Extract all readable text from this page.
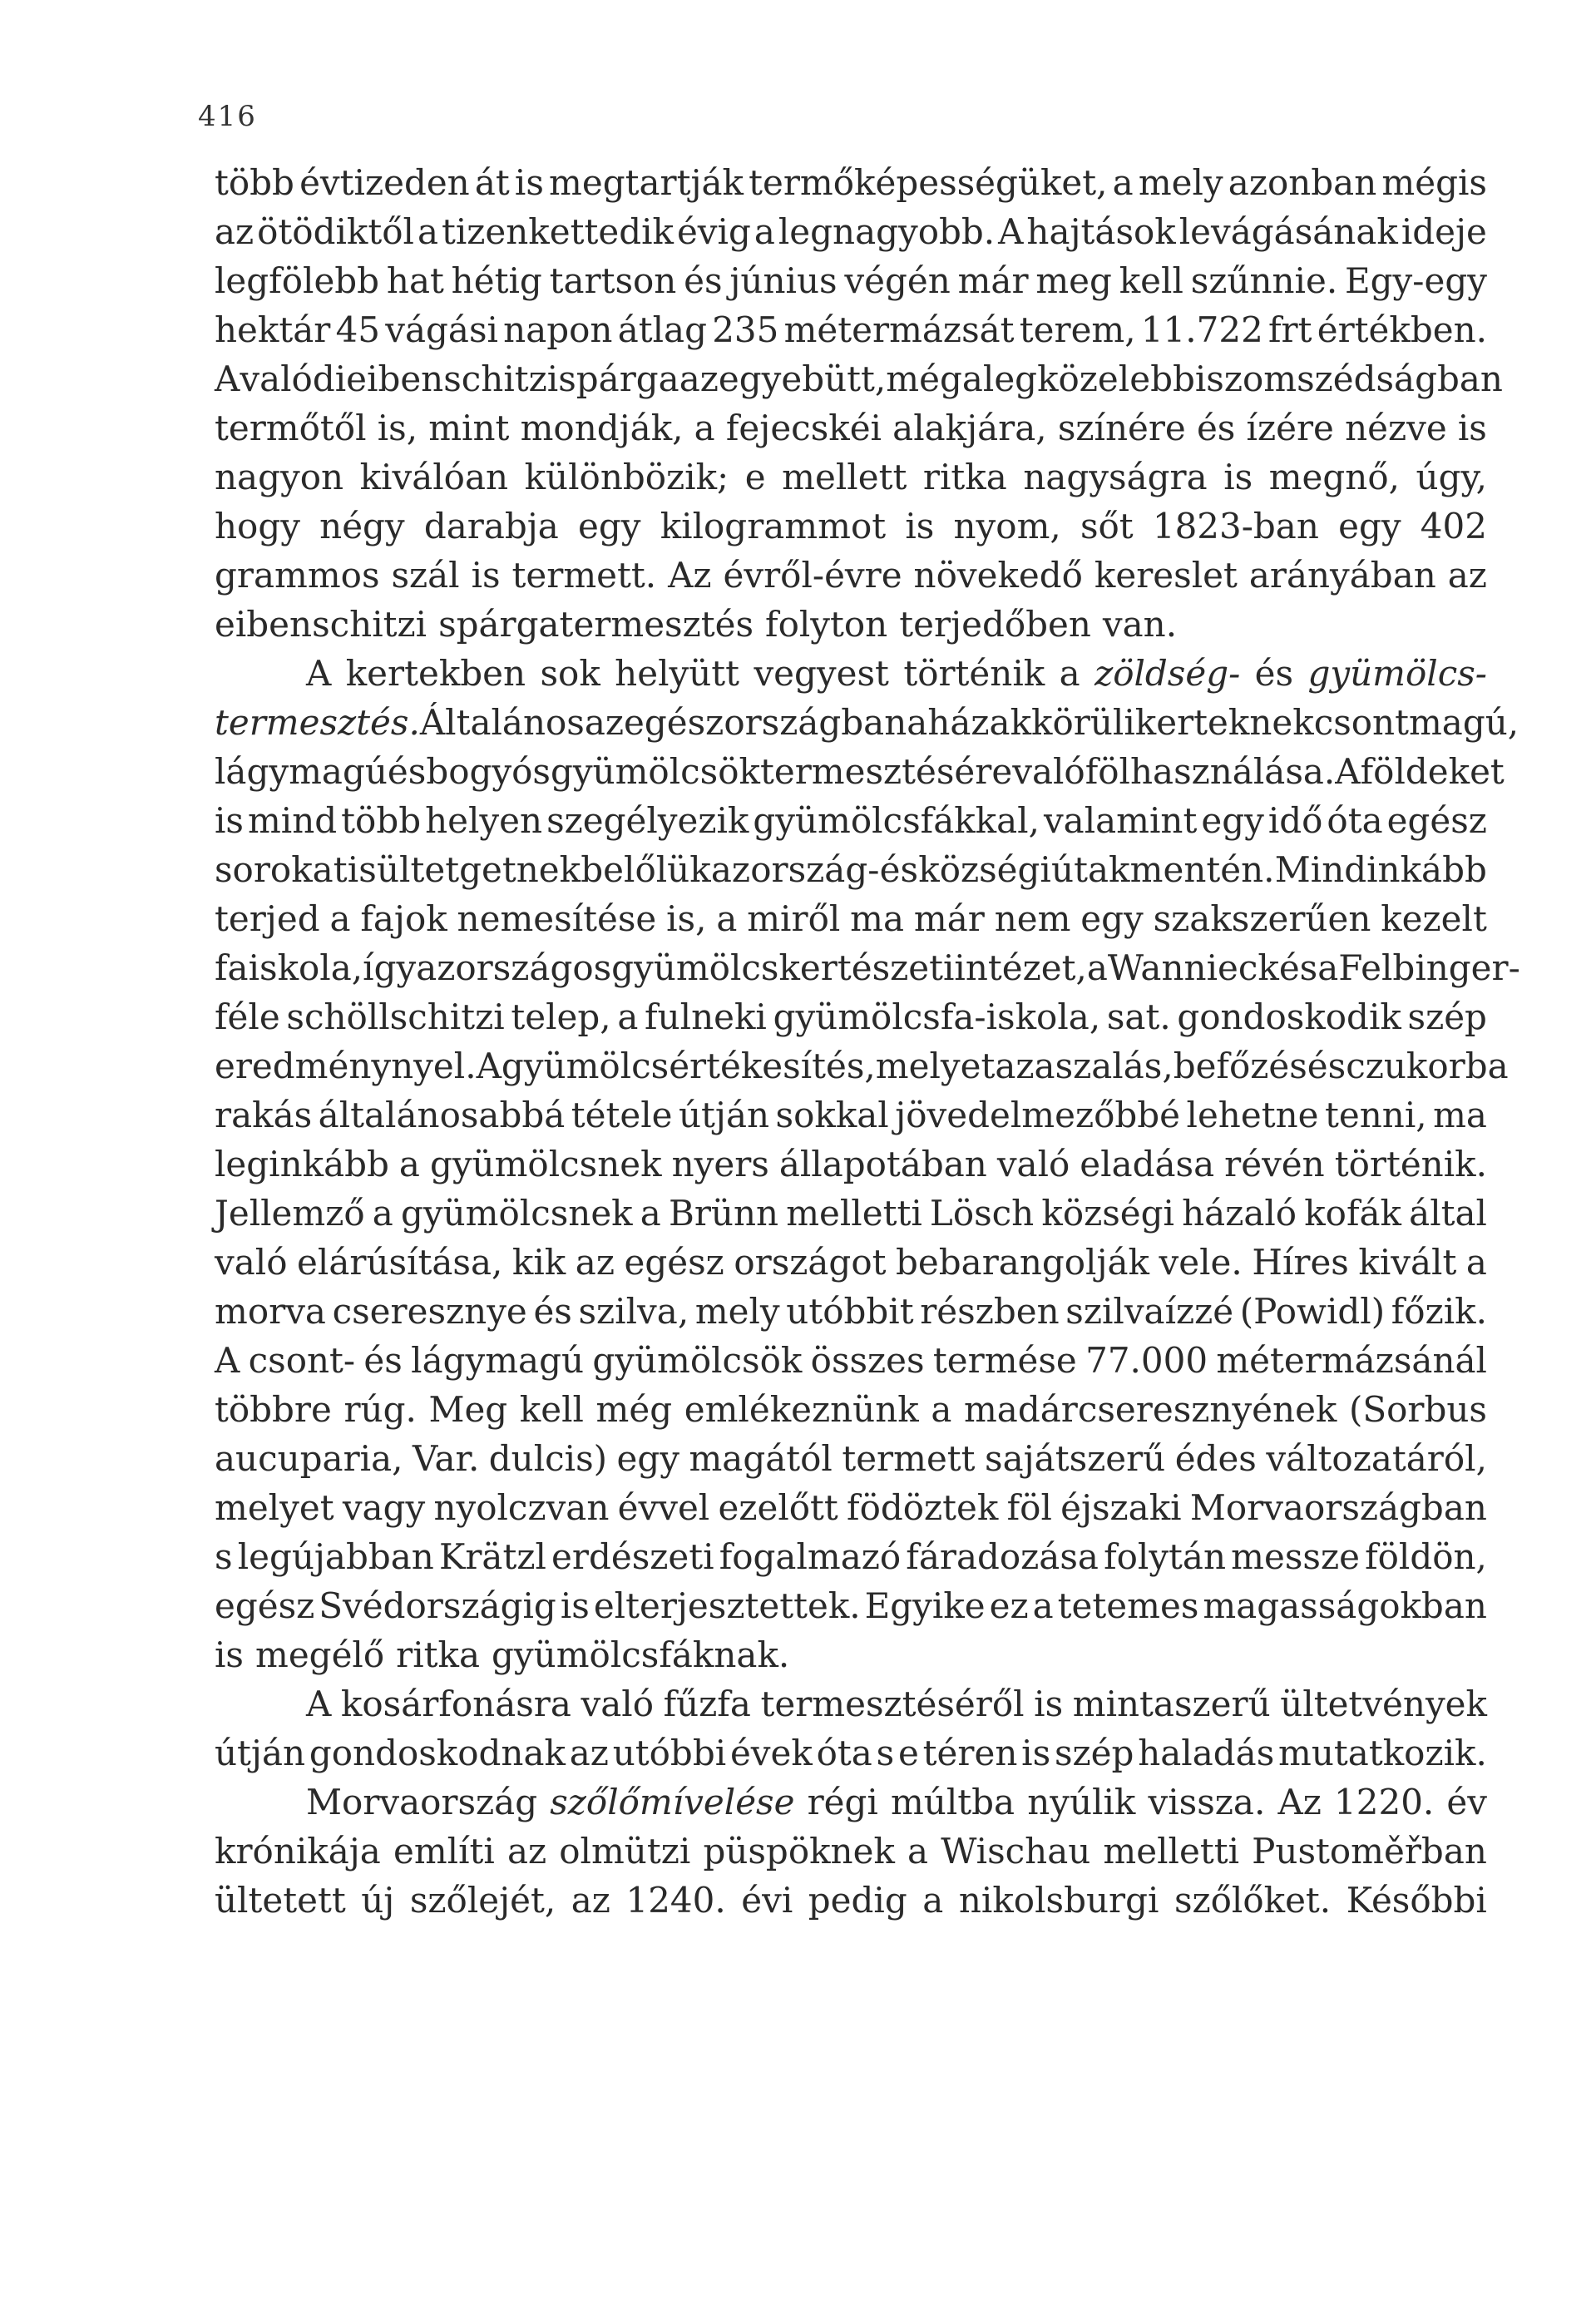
416
több évtizeden át is megtartják termőképességüket, a mely azonban mégis
az ötödiktől a tizenkettedik évig a legnagyobb. A hajtások levágásának ideje
legfölebb hat hétig tartson és június végén már meg kell szűnnie. Egy-egy
hektár 45 vágási napon átlag 235 métermázsát terem, 11.722 frt értékben.
A valódi eibenschitzi spárga az egyebütt, még a legközelebbi szomszédságban
termőtől is, mint mondják, a fejecskéi alakjára, színére és ízére nézve is
nagyon kiválóan különbözik; e mellett ritka nagyságra is megnő, úgy,
hogy négy darabja egy kilogrammot is nyom, sőt 1823-ban egy 402
grammos szál is termett. Az évről-évre növekedő kereslet arányában az
eibenschitzi spárgatermesztés folyton terjedőben van.
A kertekben sok helyütt vegyest történik a zöldség- és gyümölcs-
termesztés. Általános az egész országban a házak körüli kerteknek csontmagú,
lágymagú és bogyós gyümölcsök termesztésére való fölhasználása. A földeket
is mind több helyen szegélyezik gyümölcsfákkal, valamint egy idő óta egész
sorokat is ültetgetnek belőlük az ország- és községi útak mentén. Mindinkább
terjed a fajok nemesítése is, a miről ma már nem egy szakszerűen kezelt
faiskola, így az országos gyümölcskertészeti intézet, a Wannieck és a Felbinger-
féle schöllschitzi telep, a fulneki gyümölcsfa-iskola, sat. gondoskodik szép
eredménynyel. A gyümölcsértékesítés, melyet az aszalás, befőzés és czukorba
rakás általánosabbá tétele útján sokkal jövedelmezőbbé lehetne tenni, ma
leginkább a gyümölcsnek nyers állapotában való eladása révén történik.
Jellemző a gyümölcsnek a Brünn melletti Lösch községi házaló kofák által
való elárúsítása, kik az egész országot bebarangolják vele. Híres kivált a
morva cseresznye és szilva, mely utóbbit részben szilvaízzé (Powidl) főzik.
A csont- és lágymagú gyümölcsök összes termése 77.000 métermázsánál
többre rúg. Meg kell még emlékeznünk a madárcseresznyének (Sorbus
aucuparia, Var. dulcis) egy magától termett sajátszerű édes változatáról,
melyet vagy nyolczvan évvel ezelőtt födöztek föl éjszaki Morvaországban
s legújabban Krätzl erdészeti fogalmazó fáradozása folytán messze földön,
egész Svédországig is elterjesztettek. Egyike ez a tetemes magasságokban
is megélő ritka gyümölcsfáknak.
A kosárfonásra való fűzfa termesztéséről is mintaszerű ültetvények
útján gondoskodnak az utóbbi évek óta s e téren is szép haladás mutatkozik.
Morvaország szőlőmívelése régi múltba nyúlik vissza. Az 1220. év
krónikája említi az olmützi püspöknek a Wischau melletti Pustoměřban
ültetett új szőlejét, az 1240. évi pedig a nikolsburgi szőlőket. Későbbi
